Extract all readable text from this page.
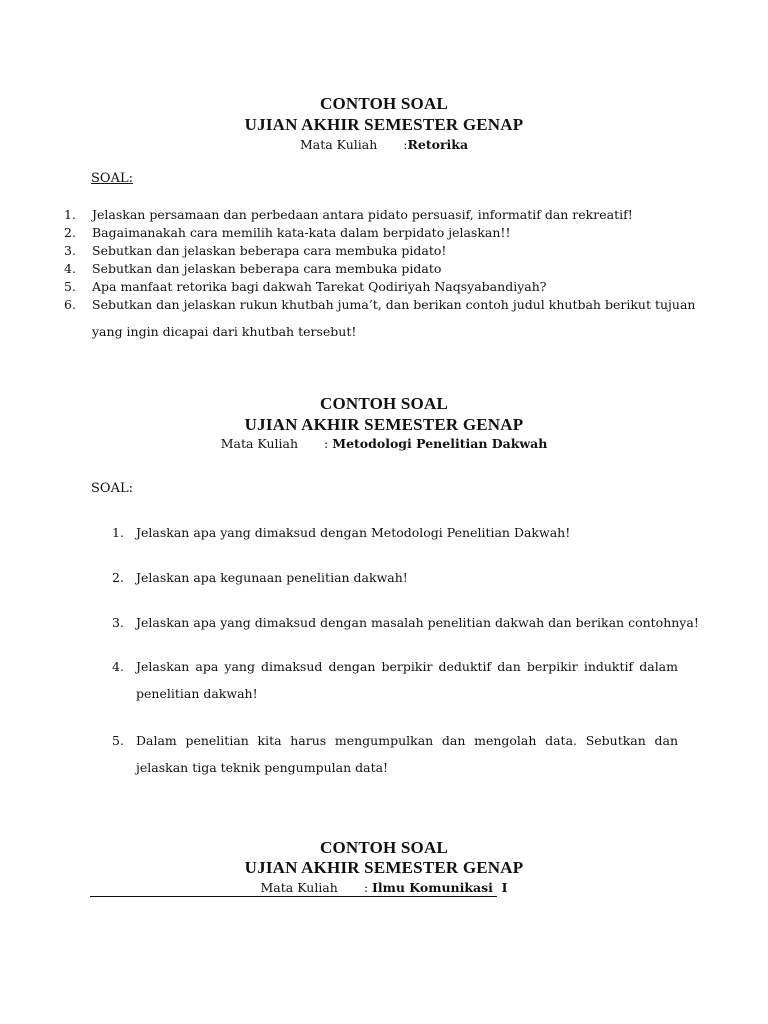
CONTOH SOAL
UJIAN AKHIR SEMESTER GENAP
Mata Kuliah :Retorika
SOAL:
1.	Jelaskan persamaan dan perbedaan antara pidato persuasif, informatif dan rekreatif!
2.	Bagaimanakah cara memilih kata-kata dalam berpidato jelaskan!!
3.	Sebutkan dan jelaskan beberapa cara membuka pidato!
4.	Sebutkan dan jelaskan beberapa cara membuka pidato
5.	Apa manfaat retorika bagi dakwah Tarekat Qodiriyah Naqsyabandiyah?
6.	Sebutkan dan jelaskan rukun khutbah juma’t, dan berikan contoh judul khutbah berikut tujuan
yang ingin dicapai dari khutbah tersebut!
CONTOH SOAL
UJIAN AKHIR SEMESTER GENAP
Mata Kuliah : Metodologi Penelitian Dakwah
SOAL:
1. Jelaskan apa yang dimaksud dengan Metodologi Penelitian Dakwah!
2. Jelaskan apa kegunaan penelitian dakwah!
3. Jelaskan apa yang dimaksud dengan masalah penelitian dakwah dan berikan contohnya!
4. Jelaskan apa yang dimaksud dengan berpikir deduktif dan berpikir induktif dalam penelitian dakwah!
5. Dalam penelitian kita harus mengumpulkan dan mengolah data. Sebutkan dan jelaskan tiga teknik pengumpulan data!
CONTOH SOAL
UJIAN AKHIR SEMESTER GENAP
Mata Kuliah : Ilmu Komunikasi  I
